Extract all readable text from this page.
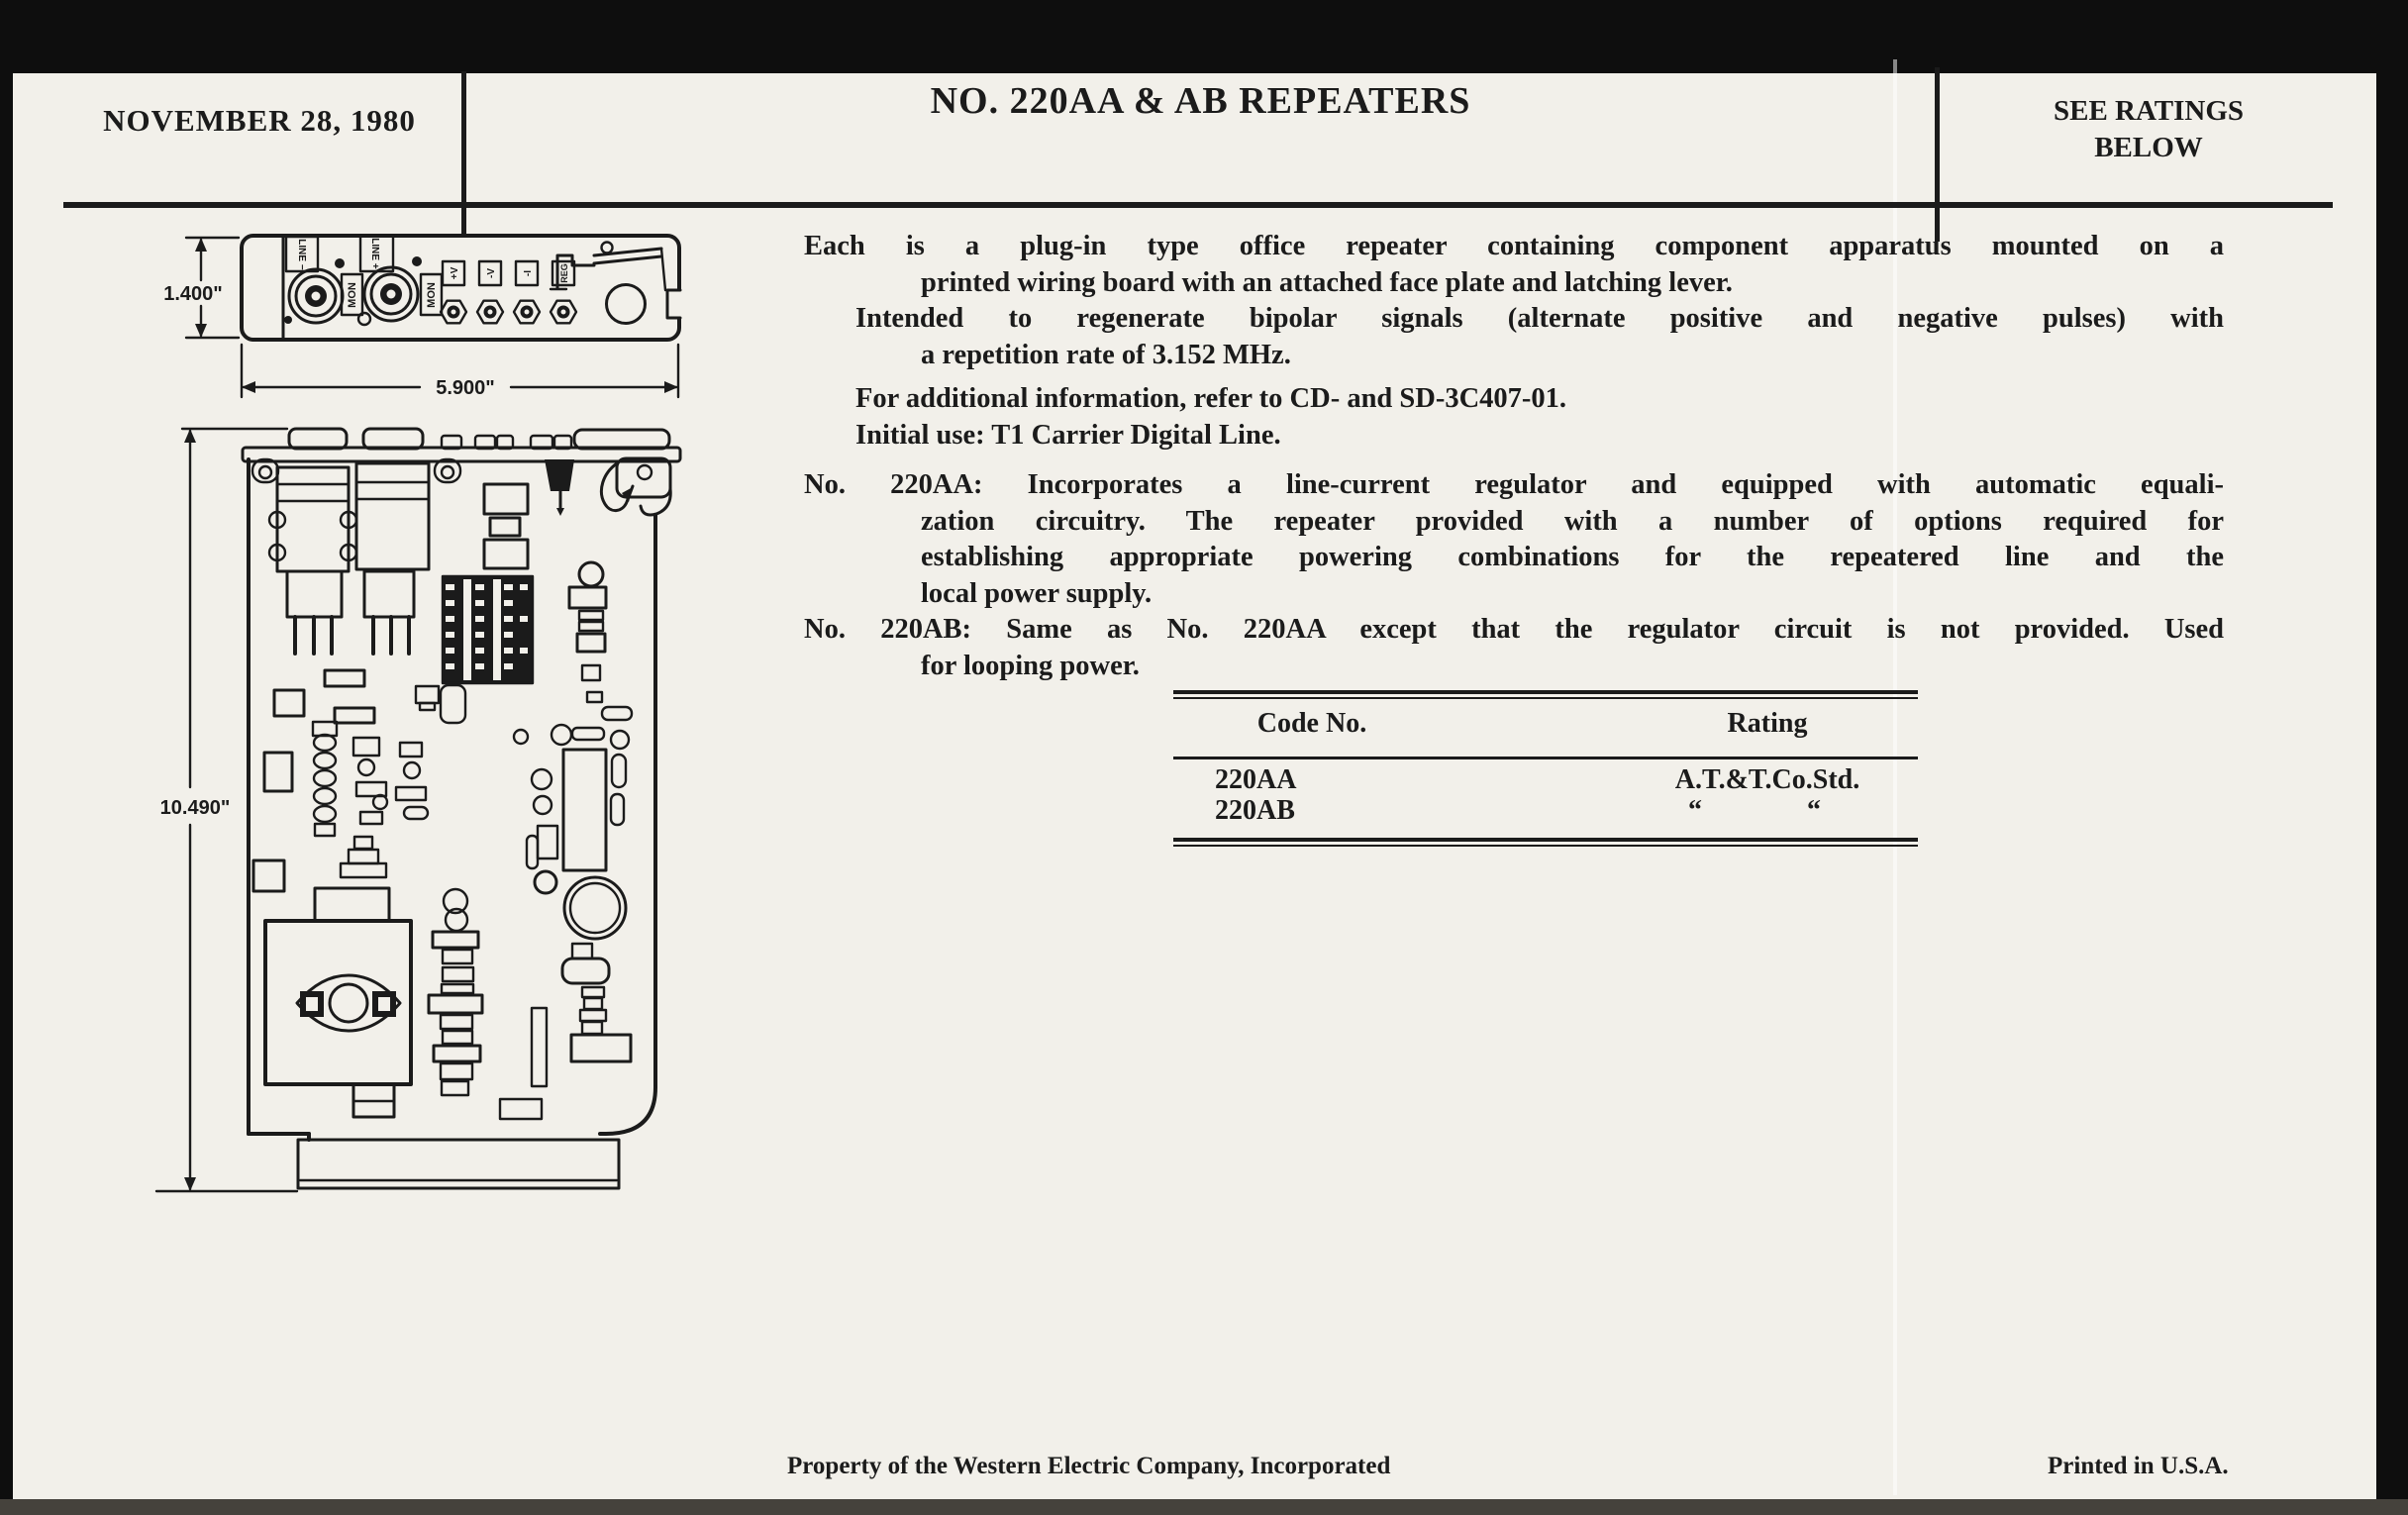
NOVEMBER 28, 1980	NO. 220AA & AB REPEATERS	SEE RATINGS
BELOW
Each is a plug-in type office repeater containing component apparatus mounted on a
printed wiring board with an attached face plate and latching lever.
Intended to regenerate bipolar signals (alternate positive and negative pulses) with
a repetition rate of 3.152 MHz.
For additional information, refer to CD- and SD-3C407-01.
Initial use: T1 Carrier Digital Line.
No. 220AA: Incorporates a line-current regulator and equipped with automatic equali-
zation circuitry. The repeater provided with a number of options required for
establishing appropriate powering combinations for the repeatered line and the
local power supply.
No. 220AB: Same as No. 220AA except that the regulator circuit is not provided. Used
for looping power.
Code No.	Rating
220AA	A.T.&T.Co.Std.
220AB	“	“
Property of the Western Electric Company, Incorporated	Printed in U.S.A.
LINE −	LINE +
MON	MON
+V	-V	-I	REG
1.400"
5.900"
10.490"
